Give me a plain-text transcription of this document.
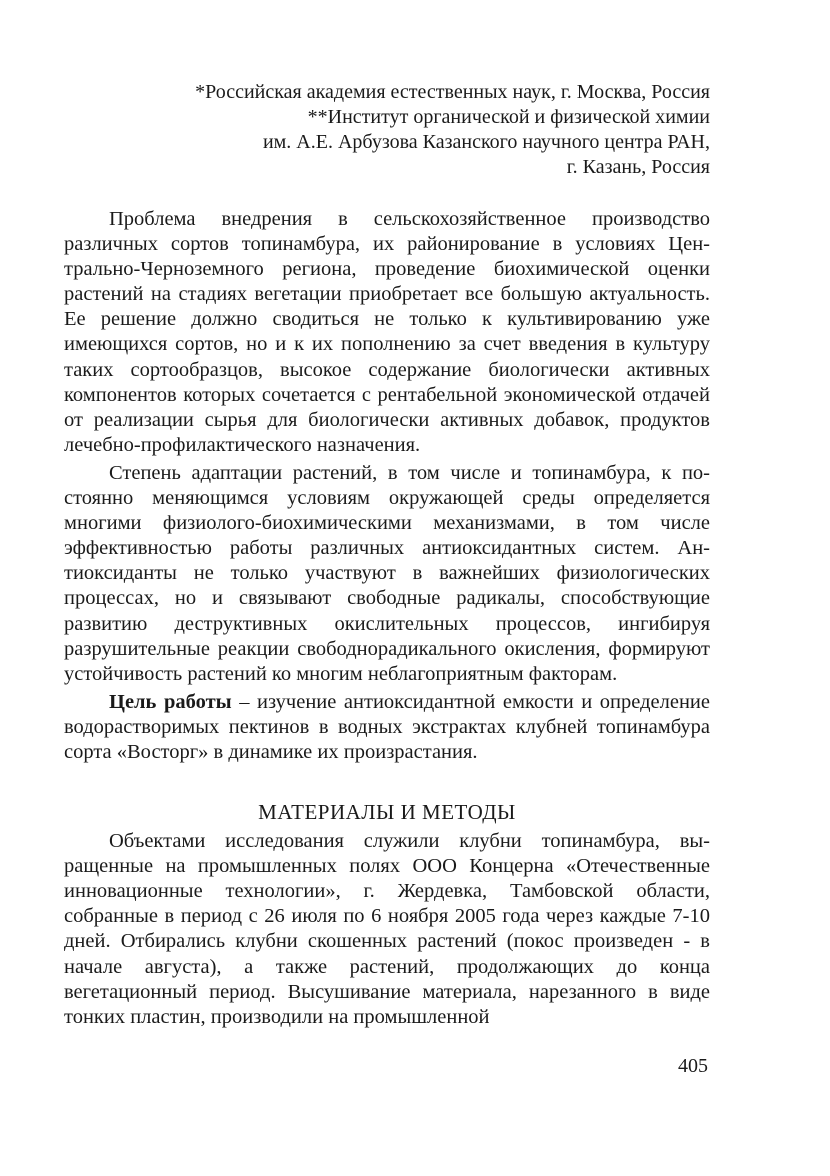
*Российская академия естественных наук, г. Москва, Россия
**Институт органической и физической химии
им. А.Е. Арбузова Казанского научного центра РАН,
г. Казань, Россия

Проблема внедрения в сельскохозяйственное производство различных сортов топинамбура, их районирование в условиях Центрально-Черноземного региона, проведение биохимической оценки растений на стадиях вегетации приобретает все большую актуальность. Ее решение должно сводиться не только к культивированию уже имеющихся сортов, но и к их пополнению за счет введения в культуру таких сортообразцов, высокое содержание биологически активных компонентов которых сочетается с рентабельной экономической отдачей от реализации сырья для биологически активных добавок, продуктов лечебно-профилактического назначения.

Степень адаптации растений, в том числе и топинамбура, к постоянно меняющимся условиям окружающей среды определяется многими физиолого-биохимическими механизмами, в том числе эффективностью работы различных антиоксидантных систем. Антиоксиданты не только участвуют в важнейших физиологических процессах, но и связывают свободные радикалы, способствующие развитию деструктивных окислительных процессов, ингибируя разрушительные реакции свободнорадикального окисления, формируют устойчивость растений ко многим неблагоприятным факторам.

Цель работы – изучение антиоксидантной емкости и определение водорастворимых пектинов в водных экстрактах клубней топинамбура сорта «Восторг» в динамике их произрастания.

МАТЕРИАЛЫ И МЕТОДЫ

Объектами исследования служили клубни топинамбура, выращенные на промышленных полях ООО Концерна «Отечественные инновационные технологии», г. Жердевка, Тамбовской области, собранные в период с 26 июля по 6 ноября 2005 года через каждые 7-10 дней. Отбирались клубни скошенных растений (покос произведен - в начале августа), а также растений, продолжающих до конца вегетационный период. Высушивание материала, нарезанного в виде тонких пластин, производили на промышленной

405
